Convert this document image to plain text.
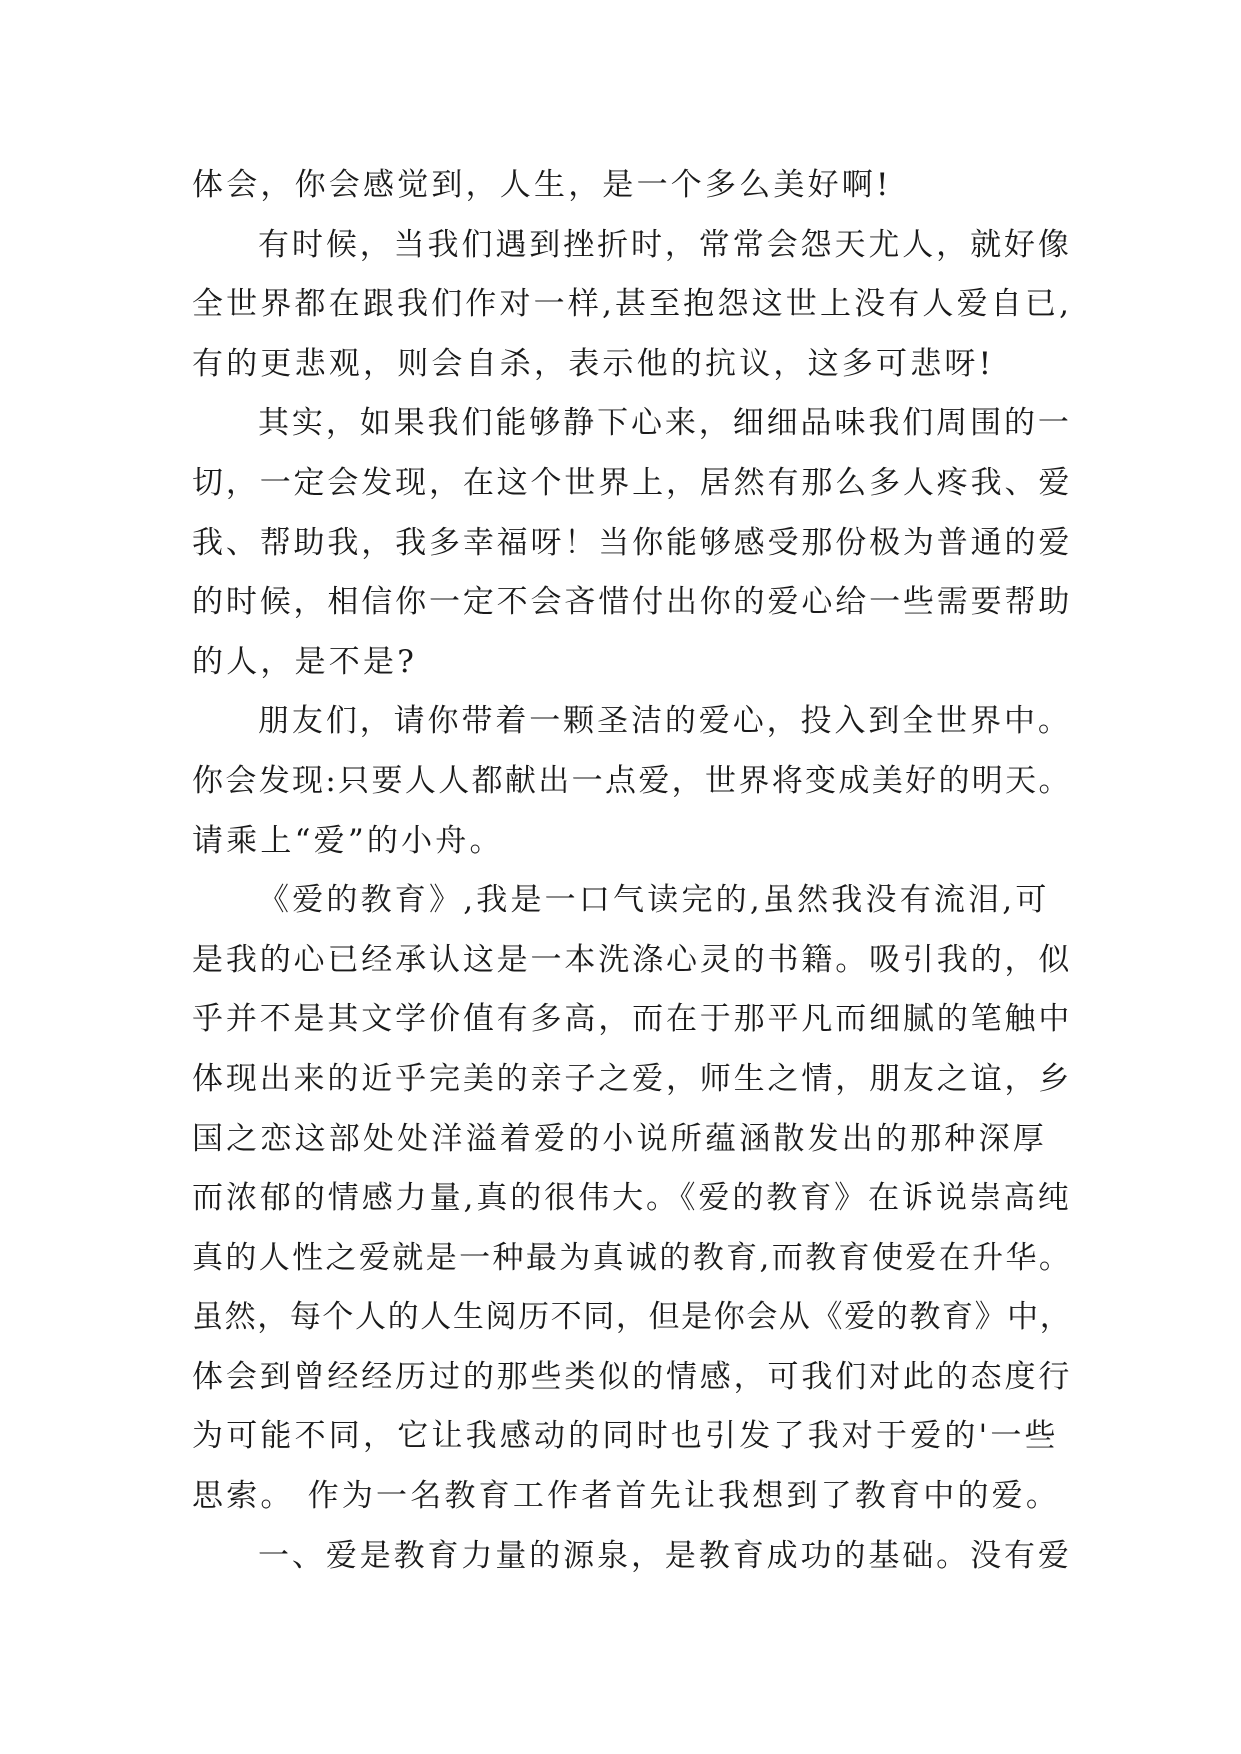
体会，你会感觉到，人生，是一个多么美好啊!
有时候，当我们遇到挫折时，常常会怨天尤人，就好像
全世界都在跟我们作对一样,甚至抱怨这世上没有人爱自已,
有的更悲观，则会自杀，表示他的抗议，这多可悲呀!
其实，如果我们能够静下心来，细细品味我们周围的一
切，一定会发现，在这个世界上，居然有那么多人疼我、爱
我、帮助我，我多幸福呀！当你能够感受那份极为普通的爱
的时候，相信你一定不会吝惜付出你的爱心给一些需要帮助
的人，是不是?
朋友们，请你带着一颗圣洁的爱心，投入到全世界中。
你会发现:只要人人都献出一点爱，世界将变成美好的明天。
请乘上“爱”的小舟。
《爱的教育》,我是一口气读完的,虽然我没有流泪,可
是我的心已经承认这是一本洗涤心灵的书籍。吸引我的，似
乎并不是其文学价值有多高，而在于那平凡而细腻的笔触中
体现出来的近乎完美的亲子之爱，师生之情，朋友之谊，乡
国之恋这部处处洋溢着爱的小说所蕴涵散发出的那种深厚
而浓郁的情感力量,真的很伟大。《爱的教育》在诉说崇高纯
真的人性之爱就是一种最为真诚的教育,而教育使爱在升华。
虽然，每个人的人生阅历不同，但是你会从《爱的教育》中，
体会到曾经经历过的那些类似的情感，可我们对此的态度行
为可能不同，它让我感动的同时也引发了我对于爱的'一些
思索。 作为一名教育工作者首先让我想到了教育中的爱。
一、爱是教育力量的源泉，是教育成功的基础。没有爱
